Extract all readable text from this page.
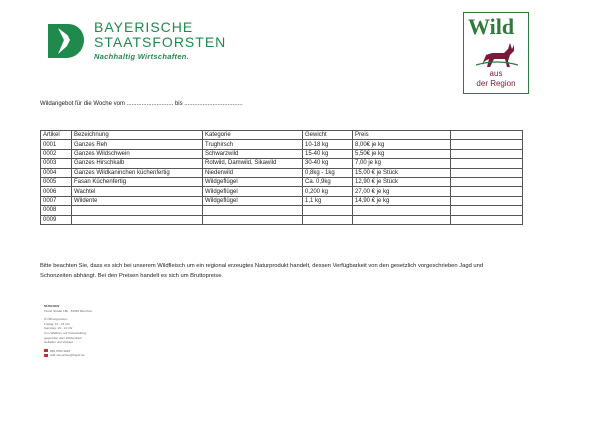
BAYERISCHE
STAATSFORSTEN
Nachhaltig Wirtschaften.
Wild
aus
der Region
Wildangebot für die Woche vom ............................ bis ...................................
Artikel	Bezeichnung	Kategorie	Gewicht	Preis	
0001	Ganzes Reh	Trughirsch	10-18 kg	8,00€ je kg	
0002	Ganzes Wildschwein	Schwarzwild	15-40 kg	5,50€ je kg	
0003	Ganzes Hirschkalb	Rotwild, Damwild, Sikawild	30-40 kg	7,00 je kg	
0004	Ganzes Wildkaninchen küchenfertig	Niederwild	0,8kg - 1kg	15,00 € je Stück	
0005	Fasan Küchenfertig	Wildgeflügel	Ca. 0,9kg	12,90 € je Stück	
0006	Wachtel	Wildgeflügel	0,200 kg	27,00 € je kg	
0007	Wildente	Wildgeflügel	1,1 kg	14,90 € je kg	
0008					
0009					
Bitte beachten Sie, dass es sich bei unserem Wildfleisch um ein regional erzeugtes Naturprodukt handelt, dessen Verfügbarkeit von den gesetzlich vorgeschrieben Jagd und Schonzeiten abhängt. Bei den Preisen handelt es sich um Bruttopreise.
MÜNCHEN
Tiroler Straße 18b · 81545 München
Ö-Öffnungszeiten
Freitag: 10 - 16 Uhr
Samstag: 10 - 14 Uhr
zum Wildbret, auf Vorbestellung
gegenüber dem Wildverkauf
Hofladen und Verkauf
089 3783 4628
wild.muenchen@baysf.de
